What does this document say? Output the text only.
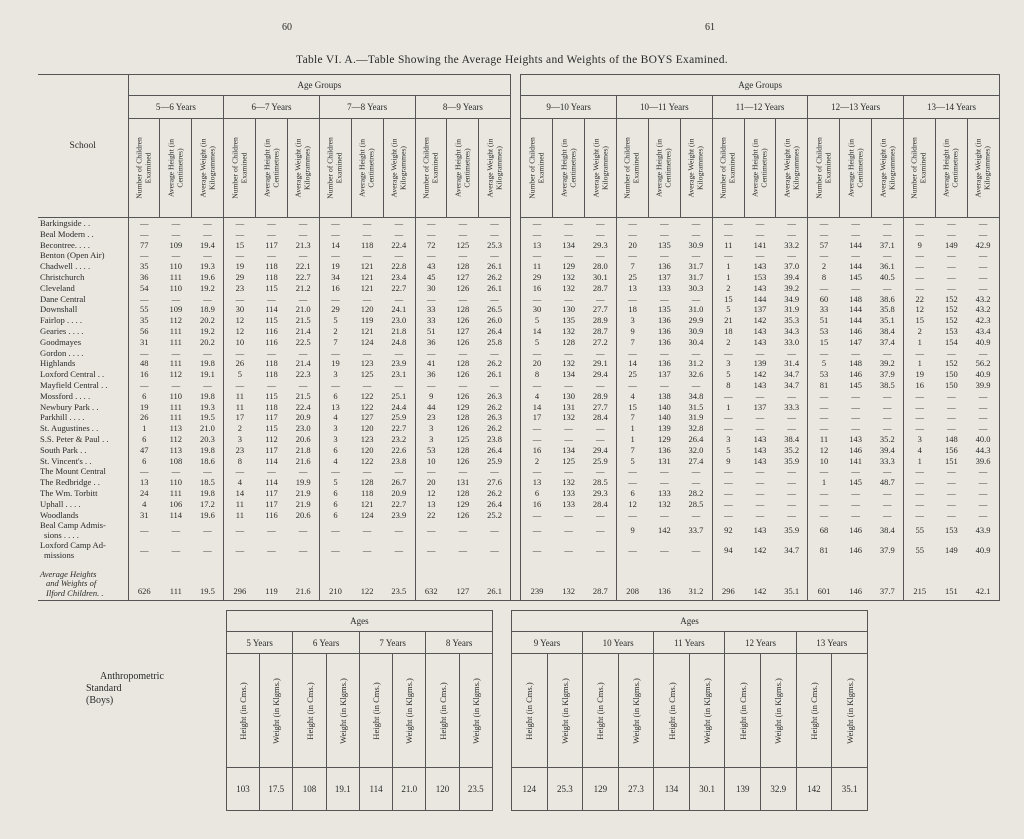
60	61
Table VI. A.—Table Showing the Average Heights and Weights of the BOYS Examined.
School	Age Groups													Age Groups														
	5—6 Years			6—7 Years			7—8 Years			8—9 Years				9—10 Years			10—11 Years			11—12 Years			12—13 Years			13—14 Years		

	Number of Children Examined	Average Height (in Centimetres)	Average Weight (in Kilogrammes)	Number of Children Examined	Average Height (in Centimetres)	Average Weight (in Kilogrammes)	Number of Children Examined	Average Height (in Centimetres)	Average Weight (in Kilogrammes)	Number of Children Examined	Average Height (in Centimetres)	Average Weight (in Kilogrammes)		Number of Children Examined	Average Height (in Centimetres)	Average Weight (in Kilogrammes)	Number of Children Examined	Average Height (in Centimetres)	Average Weight (in Kilogrammes)	Number of Children Examined	Average Height (in Centimetres)	Average Weight (in Kilogrammes)	Number of Children Examined	Average Height (in Centimetres)	Average Weight (in Kilogrammes)	Number of Children Examined	Average Height (in Centimetres)	Average Weight (in Kilogrammes)

Barkingside . .	—	—	—	—	—	—	—	—	—	—	—	—		—	—	—	—	—	—	—	—	—	—	—	—	—	—	—
Beal Modern . .	—	—	—	—	—	—	—	—	—	—	—	—		—	—	—	—	—	—	—	—	—	—	—	—	—	—	—
Becontree. . . .	77	109	19.4	15	117	21.3	14	118	22.4	72	125	25.3		13	134	29.3	20	135	30.9	11	141	33.2	57	144	37.1	9	149	42.9
Benton (Open Air)	—	—	—	—	—	—	—	—	—	—	—	—		—	—	—	—	—	—	—	—	—	—	—	—	—	—	—
Chadwell . . . .	35	110	19.3	19	118	22.1	19	121	22.8	43	128	26.1		11	129	28.0	7	136	31.7	1	143	37.0	2	144	36.1	—	—	—
Christchurch	36	111	19.6	29	118	22.7	34	121	23.4	45	127	26.2		29	132	30.1	25	137	31.7	1	153	39.4	8	145	40.5	—	—	—
Cleveland	54	110	19.2	23	115	21.2	16	121	22.7	30	126	26.1		16	132	28.7	13	133	30.3	2	143	39.2	—	—	—	—	—	—
Dane Central	—	—	—	—	—	—	—	—	—	—	—	—		—	—	—	—	—	—	15	144	34.9	60	148	38.6	22	152	43.2
Downshall	55	109	18.9	30	114	21.0	29	120	24.1	33	128	26.5		30	130	27.7	18	135	31.0	5	137	31.9	33	144	35.8	12	152	43.2
Fairlop . . . .	35	112	20.2	12	115	21.5	5	119	23.0	33	126	26.0		5	135	28.9	3	136	29.9	21	142	35.3	51	144	35.1	15	152	42.3
Gearies . . . .	56	111	19.2	12	116	21.4	2	121	21.8	51	127	26.4		14	132	28.7	9	136	30.9	18	143	34.3	53	146	38.4	2	153	43.4
Goodmayes	31	111	20.2	10	116	22.5	7	124	24.8	36	126	25.8		5	128	27.2	7	136	30.4	2	143	33.0	15	147	37.4	1	154	40.9
Gordon . . . .	—	—	—	—	—	—	—	—	—	—	—	—		—	—	—	—	—	—	—	—	—	—	—	—	—	—	—
Highlands	48	111	19.8	26	118	21.4	19	123	23.9	41	128	26.2		20	132	29.1	14	136	31.2	3	139	31.4	5	148	39.2	1	152	56.2
Loxford Central . .	16	112	19.1	5	118	22.3	3	125	23.1	36	126	26.1		8	134	29.4	25	137	32.6	5	142	34.7	53	146	37.9	19	150	40.9
Mayfield Central . .	—	—	—	—	—	—	—	—	—	—	—	—		—	—	—	—	—	—	8	143	34.7	81	145	38.5	16	150	39.9
Mossford . . . .	6	110	19.8	11	115	21.5	6	122	25.1	9	126	26.3		4	130	28.9	4	138	34.8	—	—	—	—	—	—	—	—	—
Newbury Park . .	19	111	19.3	11	118	22.4	13	122	24.4	44	129	26.2		14	131	27.7	15	140	31.5	1	137	33.3	—	—	—	—	—	—
Parkhill . . . .	26	111	19.5	17	117	20.9	4	127	25.9	23	128	26.3		17	132	28.4	7	140	31.9	—	—	—	—	—	—	—	—	—
St. Augustines . .	1	113	21.0	2	115	23.0	3	120	22.7	3	126	26.2		—	—	—	1	139	32.8	—	—	—	—	—	—	—	—	—
S.S. Peter & Paul . .	6	112	20.3	3	112	20.6	3	123	23.2	3	125	23.8		—	—	—	1	129	26.4	3	143	38.4	11	143	35.2	3	148	40.0
South Park . .	47	113	19.8	23	117	21.8	6	120	22.6	53	128	26.4		16	134	29.4	7	136	32.0	5	143	35.2	12	146	39.4	4	156	44.3
St. Vincent's . .	6	108	18.6	8	114	21.6	4	122	23.8	10	126	25.9		2	125	25.9	5	131	27.4	9	143	35.9	10	141	33.3	1	151	39.6
The Mount Central	—	—	—	—	—	—	—	—	—	—	—	—		—	—	—	—	—	—	—	—	—	—	—	—	—	—	—
The Redbridge . .	13	110	18.5	4	114	19.9	5	128	26.7	20	131	27.6		13	132	28.5	—	—	—	—	—	—	1	145	48.7	—	—	—
The Wm. Torbitt	24	111	19.8	14	117	21.9	6	118	20.9	12	128	26.2		6	133	29.3	6	133	28.2	—	—	—	—	—	—	—	—	—
Uphall . . . .	4	106	17.2	11	117	21.9	6	121	22.7	13	129	26.4		16	133	28.4	12	132	28.5	—	—	—	—	—	—	—	—	—
Woodlands	31	114	19.6	11	116	20.6	6	124	23.9	22	126	25.2		—	—	—	—	—	—	—	—	—	—	—	—	—	—	—

Beal Camp Admis-
sions . . . .	—	—	—	—	—	—	—	—	—	—	—	—		—	—	—	9	142	33.7	92	143	35.9	68	146	38.4	55	153	43.9

Loxford Camp Ad-
missions	—	—	—	—	—	—	—	—	—	—	—	—		—	—	—	—	—	—	94	142	34.7	81	146	37.9	55	149	40.9

Average Heights
and Weights of
Ilford Children. .	626	111	19.5	296	119	21.6	210	122	23.5	632	127	26.1		239	132	28.7	208	136	31.2	296	142	35.1	601	146	37.7	215	151	42.1
Anthropometric
Standard
(Boys)	Ages									Ages									
	5 Years		6 Years		7 Years		8 Years			9 Years		10 Years		11 Years		12 Years		13 Years	

	Height (in Cms.)	Weight (in Klgms.)	Height (in Cms.)	Weight (in Klgms.)	Height (in Cms.)	Weight (in Klgms.)	Height (in Cms.)	Weight (in Klgms.)		Height (in Cms.)	Weight (in Klgms.)	Height (in Cms.)	Weight (in Klgms.)	Height (in Cms.)	Weight (in Klgms.)	Height (in Cms.)	Weight (in Klgms.)	Height (in Cms.)	Weight (in Klgms.)

	103	17.5	108	19.1	114	21.0	120	23.5		124	25.3	129	27.3	134	30.1	139	32.9	142	35.1
